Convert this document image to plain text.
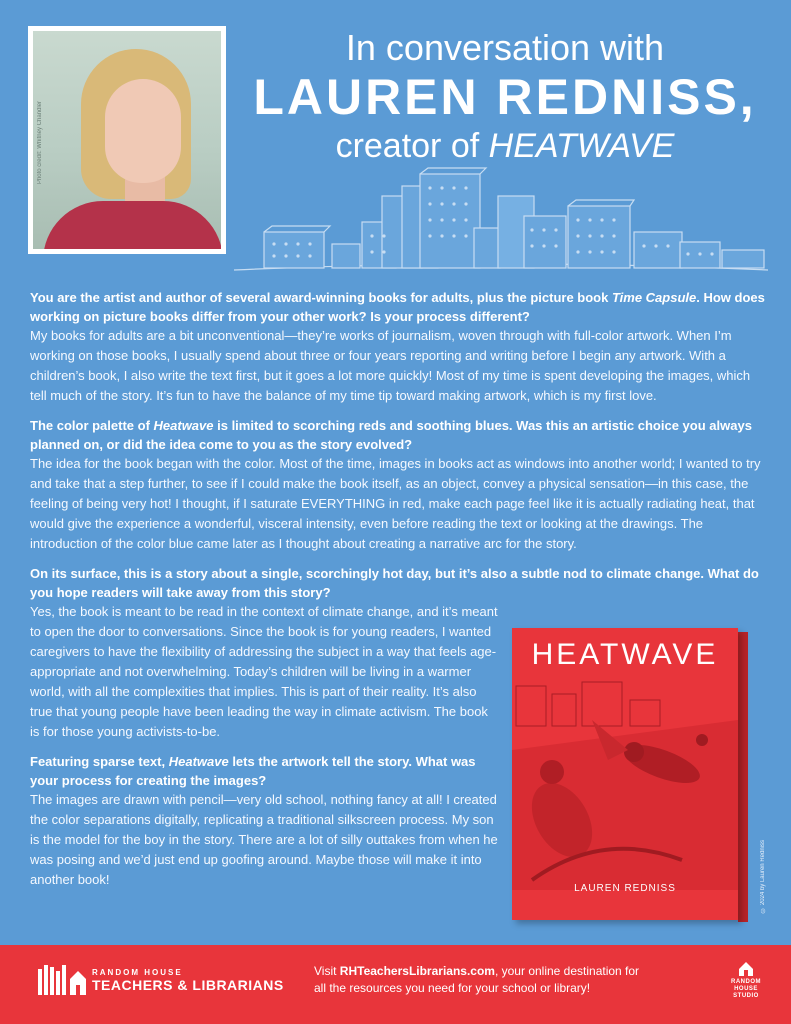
Photo credit: Whitney Chandler
In conversation with
LAUREN REDNISS,
creator of HEATWAVE

You are the artist and author of several award-winning books for adults, plus the picture book Time Capsule. How does working on picture books differ from your other work? Is your process different?

My books for adults are a bit unconventional—they’re works of journalism, woven through with full-color artwork. When I’m working on those books, I usually spend about three or four years reporting and writing before I begin any artwork. With a children’s book, I also write the text first, but it goes a lot more quickly! Most of my time is spent developing the images, which tell much of the story. It’s fun to have the balance of my time tip toward making artwork, which is my first love.

The color palette of Heatwave is limited to scorching reds and soothing blues. Was this an artistic choice you always planned on, or did the idea come to you as the story evolved?

The idea for the book began with the color. Most of the time, images in books act as windows into another world; I wanted to try and take that a step further, to see if I could make the book itself, as an object, convey a physical sensation—in this case, the feeling of being very hot! I thought, if I saturate EVERYTHING in red, make each page feel like it is actually radiating heat, that would give the experience a wonderful, visceral intensity, even before reading the text or looking at the drawings. The introduction of the color blue came later as I thought about creating a narrative arc for the story.

On its surface, this is a story about a single, scorchingly hot day, but it’s also a subtle nod to climate change. What do you hope readers will take away from this story?

Yes, the book is meant to be read in the context of climate change, and it’s meant to open the door to conversations. Since the book is for young readers, I wanted caregivers to have the flexibility of addressing the subject in a way that feels age-appropriate and not overwhelming. Today’s children will be living in a warmer world, with all the complexities that implies. This is part of their reality. It’s also true that young people have been leading the way in climate activism. The book is for those young activists-to-be.

Featuring sparse text, Heatwave lets the artwork tell the story. What was your process for creating the images?

The images are drawn with pencil—very old school, nothing fancy at all! I created the color separations digitally, replicating a traditional silkscreen process. My son is the model for the boy in the story. There are a lot of silly outtakes from when he was posing and we’d just end up goofing around. Maybe those will make it into another book!

HEATWAVE
LAUREN REDNISS	© 2024 by Lauren Redniss
RANDOM HOUSE
TEACHERS & LIBRARIANS
Visit RHTeachersLibrarians.com, your online destination for all the resources you need for your school or library!	RANDOM
HOUSE
STUDIO
